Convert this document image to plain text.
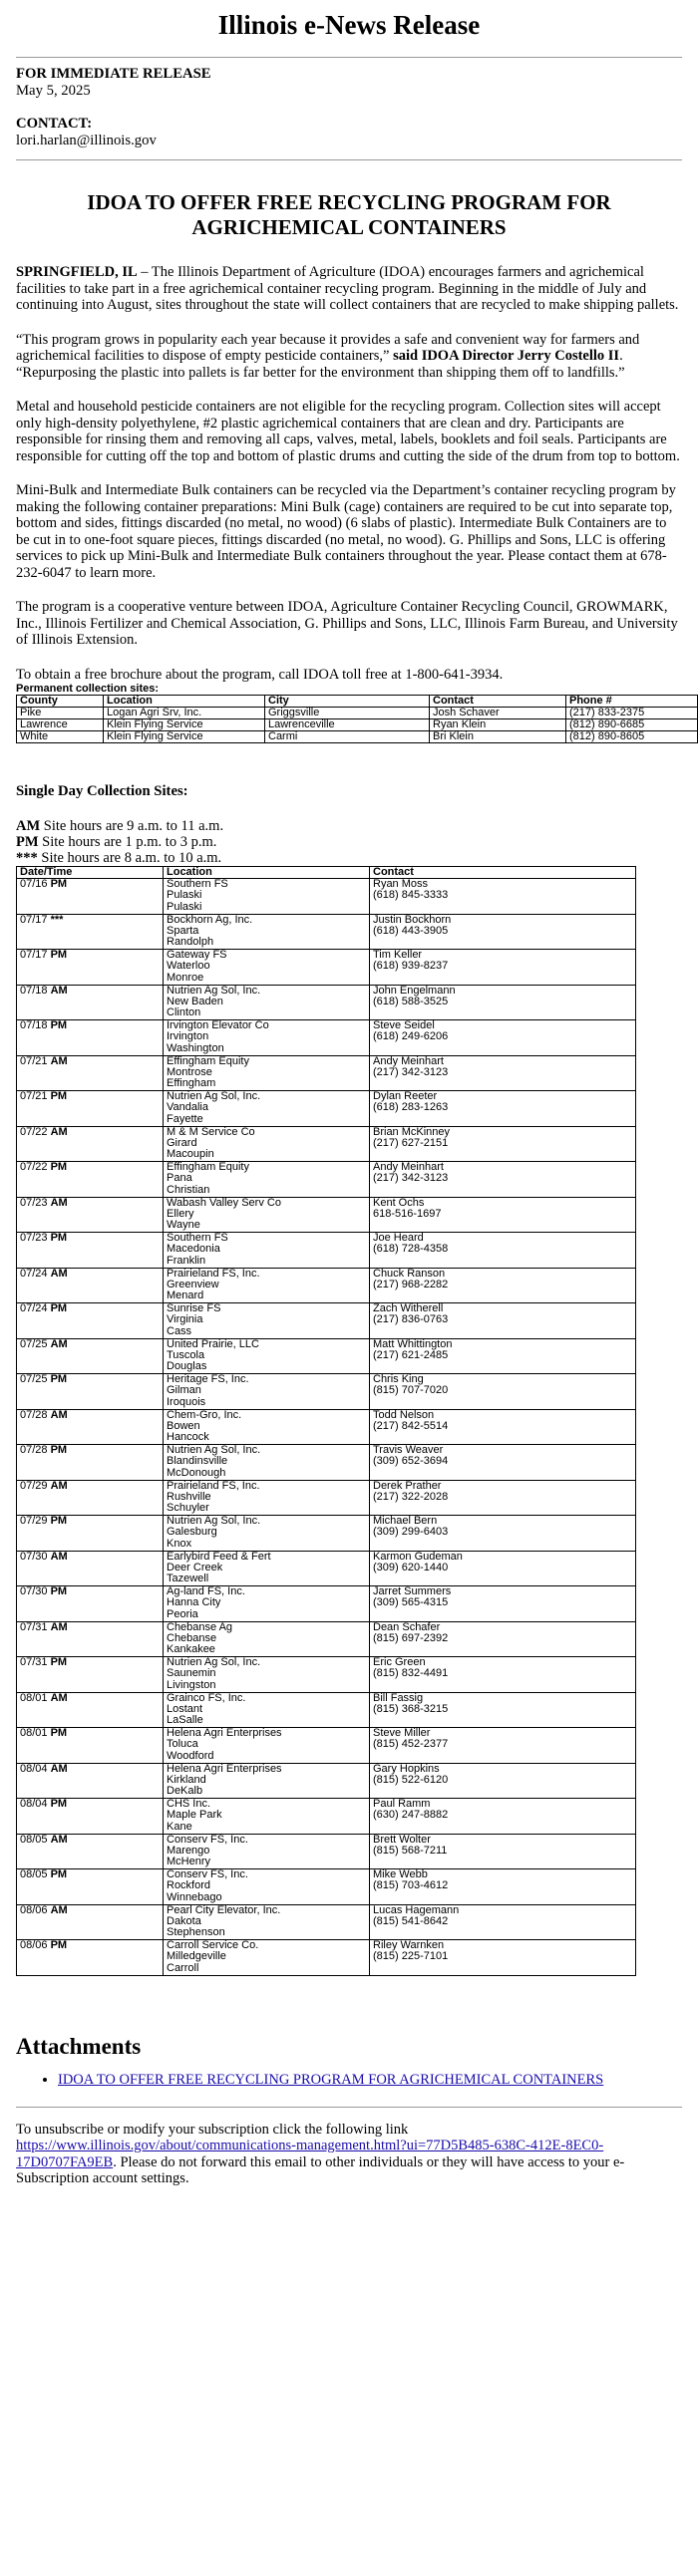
Illinois e-News Release

FOR IMMEDIATE RELEASE

May 5, 2025

CONTACT:

lori.harlan@illinois.gov

IDOA TO OFFER FREE RECYCLING PROGRAM FOR AGRICHEMICAL CONTAINERS

SPRINGFIELD, IL – The Illinois Department of Agriculture (IDOA) encourages farmers and agrichemical facilities to take part in a free agrichemical container recycling program. Beginning in the middle of July and continuing into August, sites throughout the state will collect containers that are recycled to make shipping pallets.

“This program grows in popularity each year because it provides a safe and convenient way for farmers and agrichemical facilities to dispose of empty pesticide containers,” said IDOA Director Jerry Costello II. “Repurposing the plastic into pallets is far better for the environment than shipping them off to landfills.”

Metal and household pesticide containers are not eligible for the recycling program. Collection sites will accept only high-density polyethylene, #2 plastic agrichemical containers that are clean and dry. Participants are responsible for rinsing them and removing all caps, valves, metal, labels, booklets and foil seals. Participants are responsible for cutting off the top and bottom of plastic drums and cutting the side of the drum from top to bottom.

Mini-Bulk and Intermediate Bulk containers can be recycled via the Department’s container recycling program by making the following container preparations: Mini Bulk (cage) containers are required to be cut into separate top, bottom and sides, fittings discarded (no metal, no wood) (6 slabs of plastic). Intermediate Bulk Containers are to be cut in to one-foot square pieces, fittings discarded (no metal, no wood). G. Phillips and Sons, LLC is offering services to pick up Mini-Bulk and Intermediate Bulk containers throughout the year. Please contact them at 678-232-6047 to learn more.

The program is a cooperative venture between IDOA, Agriculture Container Recycling Council, GROWMARK, Inc., Illinois Fertilizer and Chemical Association, G. Phillips and Sons, LLC, Illinois Farm Bureau, and University of Illinois Extension.

To obtain a free brochure about the program, call IDOA toll free at 1-800-641-3934.

Permanent collection sites:
County	Location	City	Contact	Phone #
Pike	Logan Agri Srv, Inc.	Griggsville	Josh Schaver	(217) 833-2375
Lawrence	Klein Flying Service	Lawrenceville	Ryan Klein	(812) 890-6685
White	Klein Flying Service	Carmi	Bri Klein	(812) 890-8605
Single Day Collection Sites:

AM Site hours are 9 a.m. to 11 a.m.

PM Site hours are 1 p.m. to 3 p.m.

*** Site hours are 8 a.m. to 10 a.m.

Date/Time	Location	Contact
07/16 PM	Southern FS
Pulaski
Pulaski	Ryan Moss
(618) 845-3333

07/17 ***	Bockhorn Ag, Inc.
Sparta
Randolph	Justin Bockhorn
(618) 443-3905

07/17 PM	Gateway FS
Waterloo
Monroe	Tim Keller
(618) 939-8237

07/18 AM	Nutrien Ag Sol, Inc.
New Baden
Clinton	John Engelmann
(618) 588-3525

07/18 PM	Irvington Elevator Co
Irvington
Washington	Steve Seidel
(618) 249-6206

07/21 AM	Effingham Equity
Montrose
Effingham	Andy Meinhart
(217) 342-3123

07/21 PM	Nutrien Ag Sol, Inc.
Vandalia
Fayette	Dylan Reeter
(618) 283-1263

07/22 AM	M & M Service Co
Girard
Macoupin	Brian McKinney
(217) 627-2151

07/22 PM	Effingham Equity
Pana
Christian	Andy Meinhart
(217) 342-3123

07/23 AM	Wabash Valley Serv Co
Ellery
Wayne	Kent Ochs
618-516-1697

07/23 PM	Southern FS
Macedonia
Franklin	Joe Heard
(618) 728-4358

07/24 AM	Prairieland FS, Inc.
Greenview
Menard	Chuck Ranson
(217) 968-2282

07/24 PM	Sunrise FS
Virginia
Cass	Zach Witherell
(217) 836-0763

07/25 AM	United Prairie, LLC
Tuscola
Douglas	Matt Whittington
(217) 621-2485

07/25 PM	Heritage FS, Inc.
Gilman
Iroquois	Chris King
(815) 707-7020

07/28 AM	Chem-Gro, Inc.
Bowen
Hancock	Todd Nelson
(217) 842-5514

07/28 PM	Nutrien Ag Sol, Inc.
Blandinsville
McDonough	Travis Weaver
(309) 652-3694

07/29 AM	Prairieland FS, Inc.
Rushville
Schuyler	Derek Prather
(217) 322-2028

07/29 PM	Nutrien Ag Sol, Inc.
Galesburg
Knox	Michael Bern
(309) 299-6403

07/30 AM	Earlybird Feed & Fert
Deer Creek
Tazewell	Karmon Gudeman
(309) 620-1440

07/30 PM	Ag-land FS, Inc.
Hanna City
Peoria	Jarret Summers
(309) 565-4315

07/31 AM	Chebanse Ag
Chebanse
Kankakee	Dean Schafer
(815) 697-2392

07/31 PM	Nutrien Ag Sol, Inc.
Saunemin
Livingston	Eric Green
(815) 832-4491

08/01 AM	Grainco FS, Inc.
Lostant
LaSalle	Bill Fassig
(815) 368-3215

08/01 PM	Helena Agri Enterprises
Toluca
Woodford	Steve Miller
(815) 452-2377

08/04 AM	Helena Agri Enterprises
Kirkland
DeKalb	Gary Hopkins
(815) 522-6120

08/04 PM	CHS Inc.
Maple Park
Kane	Paul Ramm
(630) 247-8882

08/05 AM	Conserv FS, Inc.
Marengo
McHenry	Brett Wolter
(815) 568-7211

08/05 PM	Conserv FS, Inc.
Rockford
Winnebago	Mike Webb
(815) 703-4612

08/06 AM	Pearl City Elevator, Inc.
Dakota
Stephenson	Lucas Hagemann
(815) 541-8642

08/06 PM	Carroll Service Co.
Milledgeville
Carroll	Riley Warnken
(815) 225-7101
Attachments
• IDOA TO OFFER FREE RECYCLING PROGRAM FOR AGRICHEMICAL CONTAINERS

To unsubscribe or modify your subscription click the following link
https://www.illinois.gov/about/communications-management.html?ui=77D5B485-638C-412E-8EC0-17D0707FA9EB. Please do not forward this email to other individuals or they will have access to your e-Subscription account settings.
